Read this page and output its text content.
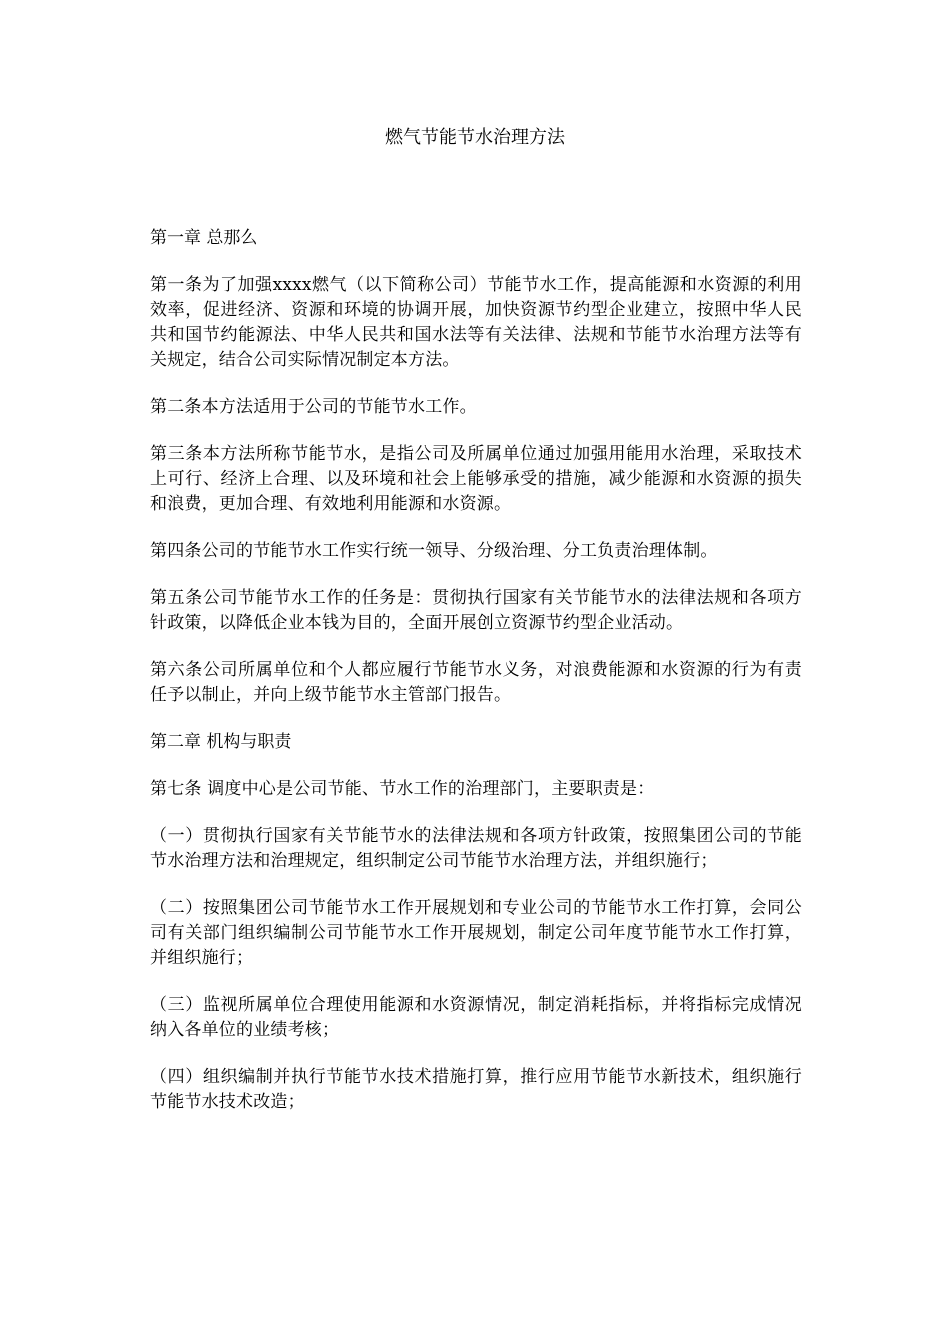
燃气节能节水治理方法

第一章 总那么

第一条为了加强xxxx燃气（以下简称公司）节能节水工作，提高能源和水资源的利用效率，促进经济、资源和环境的协调开展，加快资源节约型企业建立，按照中华人民共和国节约能源法、中华人民共和国水法等有关法律、法规和节能节水治理方法等有关规定，结合公司实际情况制定本方法。

第二条本方法适用于公司的节能节水工作。

第三条本方法所称节能节水，是指公司及所属单位通过加强用能用水治理，采取技术上可行、经济上合理、以及环境和社会上能够承受的措施，减少能源和水资源的损失和浪费，更加合理、有效地利用能源和水资源。

第四条公司的节能节水工作实行统一领导、分级治理、分工负责治理体制。

第五条公司节能节水工作的任务是：贯彻执行国家有关节能节水的法律法规和各项方针政策，以降低企业本钱为目的，全面开展创立资源节约型企业活动。

第六条公司所属单位和个人都应履行节能节水义务，对浪费能源和水资源的行为有责任予以制止，并向上级节能节水主管部门报告。

第二章 机构与职责

第七条 调度中心是公司节能、节水工作的治理部门，主要职责是：

（一）贯彻执行国家有关节能节水的法律法规和各项方针政策，按照集团公司的节能节水治理方法和治理规定，组织制定公司节能节水治理方法，并组织施行；

（二）按照集团公司节能节水工作开展规划和专业公司的节能节水工作打算，会同公司有关部门组织编制公司节能节水工作开展规划，制定公司年度节能节水工作打算，并组织施行；

（三）监视所属单位合理使用能源和水资源情况，制定消耗指标，并将指标完成情况纳入各单位的业绩考核；

（四）组织编制并执行节能节水技术措施打算，推行应用节能节水新技术，组织施行节能节水技术改造；
